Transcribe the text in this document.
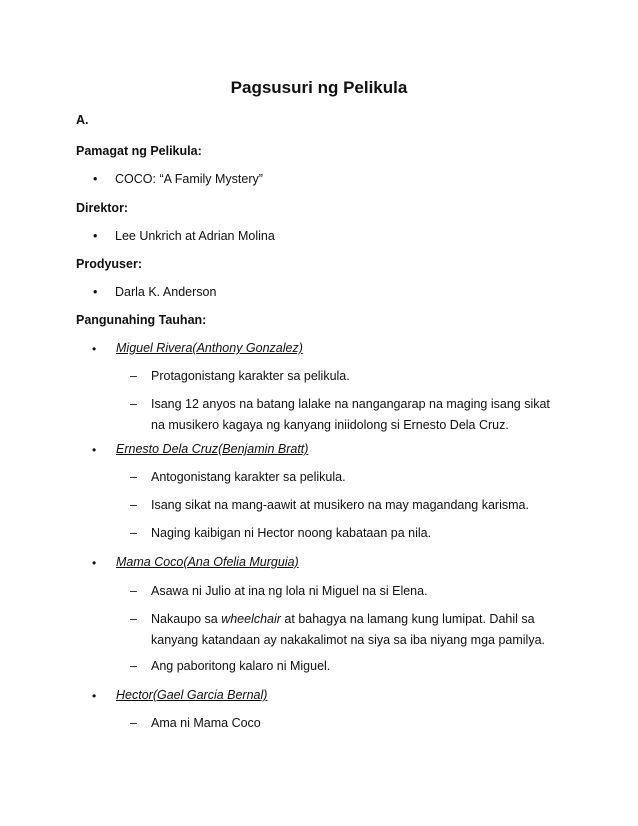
Pagsusuri ng Pelikula
A.
Pamagat ng Pelikula:
• COCO: “A Family Mystery”
Direktor:
• Lee Unkrich at Adrian Molina
Prodyuser:
• Darla K. Anderson
Pangunahing Tauhan:
• Miguel Rivera(Anthony Gonzalez)
– Protagonistang karakter sa pelikula.
– Isang 12 anyos na batang lalake na nangangarap na maging isang sikat na musikero kagaya ng kanyang iniidolong si Ernesto Dela Cruz.
• Ernesto Dela Cruz(Benjamin Bratt)
– Antogonistang karakter sa pelikula.
– Isang sikat na mang-aawit at musikero na may magandang karisma.
– Naging kaibigan ni Hector noong kabataan pa nila.
• Mama Coco(Ana Ofelia Murguia)
– Asawa ni Julio at ina ng lola ni Miguel na si Elena.
– Nakaupo sa wheelchair at bahagya na lamang kung lumipat. Dahil sa kanyang katandaan ay nakakalimot na siya sa iba niyang mga pamilya.
– Ang paboritong kalaro ni Miguel.
• Hector(Gael Garcia Bernal)
– Ama ni Mama Coco
